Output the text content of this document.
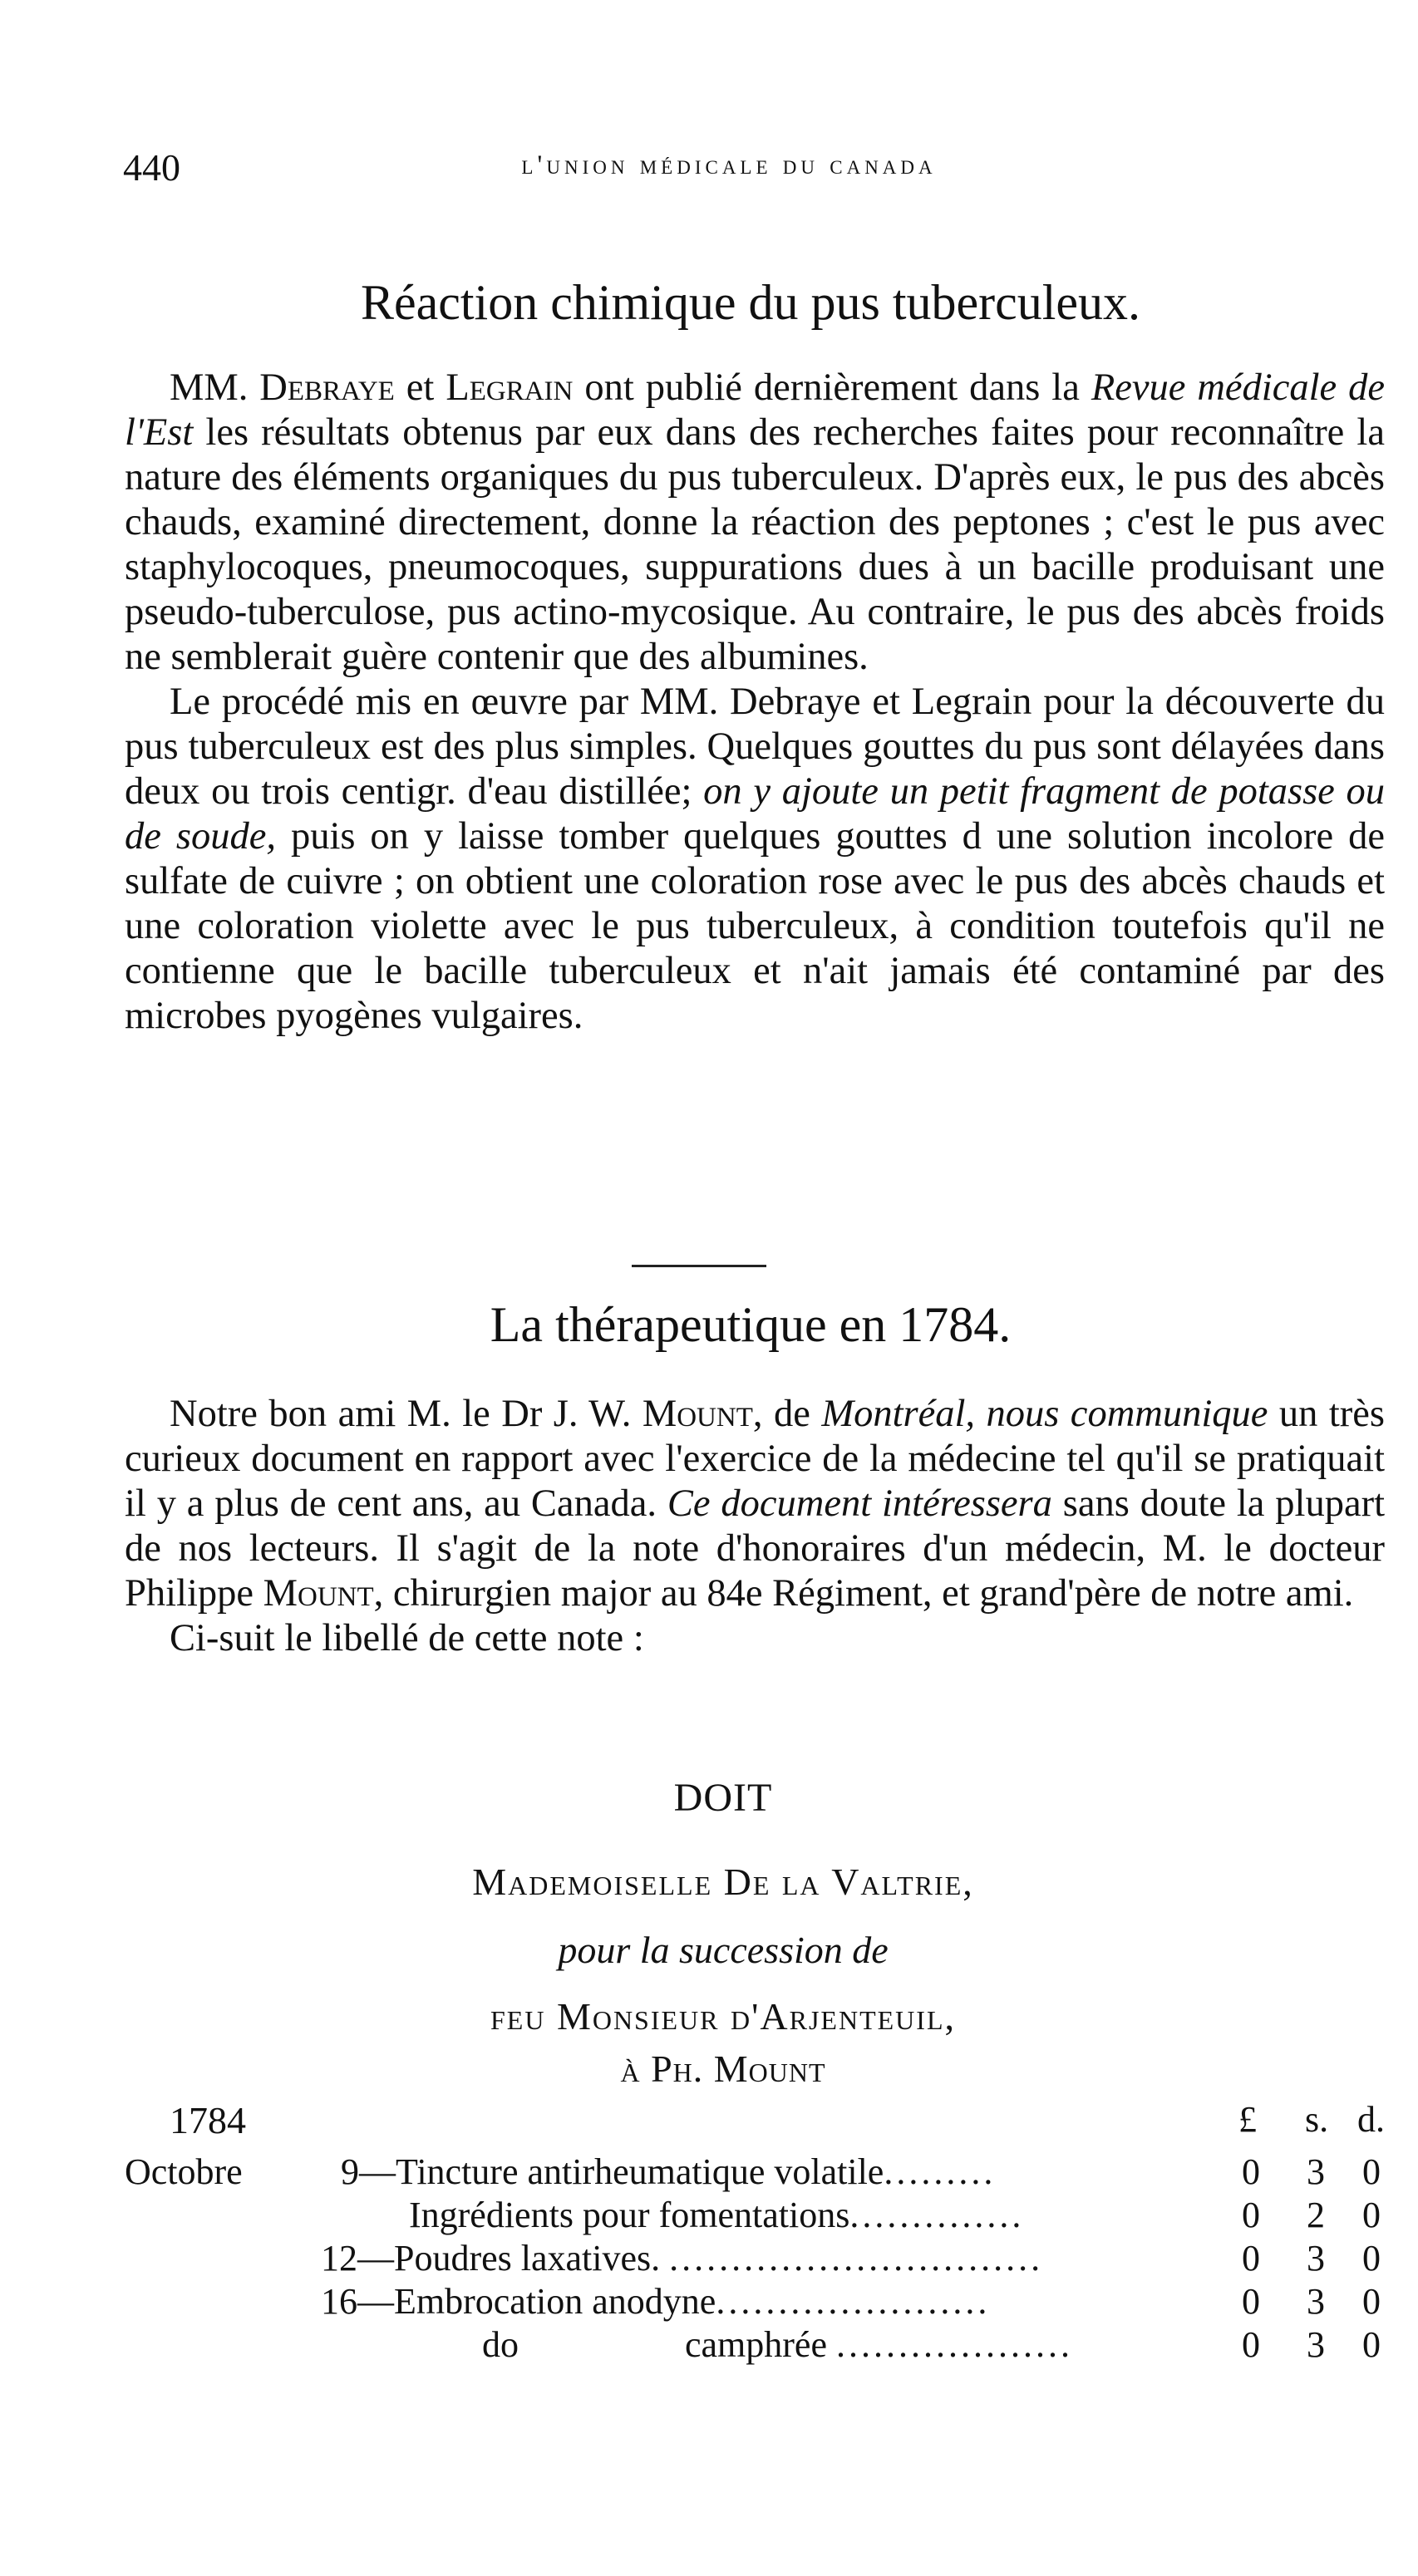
440	l'union médicale du canada
Réaction chimique du pus tuberculeux.

MM. Debraye et Legrain ont publié dernièrement dans la Revue médicale de l'Est les résultats obtenus par eux dans des recherches faites pour reconnaître la nature des éléments organiques du pus tuberculeux. D'après eux, le pus des abcès chauds, examiné directement, donne la réaction des peptones ; c'est le pus avec staphylocoques, pneumocoques, suppurations dues à un bacille produisant une pseudo-tuberculose, pus actino-mycosique. Au contraire, le pus des abcès froids ne semblerait guère contenir que des albumines.

Le procédé mis en œuvre par MM. Debraye et Legrain pour la découverte du pus tuberculeux est des plus simples. Quelques gouttes du pus sont délayées dans deux ou trois centigr. d'eau distillée; on y ajoute un petit fragment de potasse ou de soude, puis on y laisse tomber quelques gouttes d une solution incolore de sulfate de cuivre ; on obtient une coloration rose avec le pus des abcès chauds et une coloration violette avec le pus tuberculeux, à condition toutefois qu'il ne contienne que le bacille tuberculeux et n'ait jamais été contaminé par des microbes pyogènes vulgaires.

La thérapeutique en 1784.

Notre bon ami M. le Dr J. W. Mount, de Montréal, nous communique un très curieux document en rapport avec l'exercice de la médecine tel qu'il se pratiquait il y a plus de cent ans, au Canada. Ce document intéressera sans doute la plupart de nos lecteurs. Il s'agit de la note d'honoraires d'un médecin, M. le docteur Philippe Mount, chirurgien major au 84e Régiment, et grand'père de notre ami.

Ci-suit le libellé de cette note :

DOIT
Mademoiselle De la Valtrie,
pour la succession de
feu Monsieur d'Arjenteuil,
à Ph. Mount
1784	£ s. d.
Octobre	9—Tincture antirheumatique volatile.........	0 3 0
Ingrédients pour fomentations..............	0 2 0
12—Poudres laxatives. ..............................	0 3 0
16—Embrocation anodyne......................	0 3 0
do	camphrée ...................	0 3 0
